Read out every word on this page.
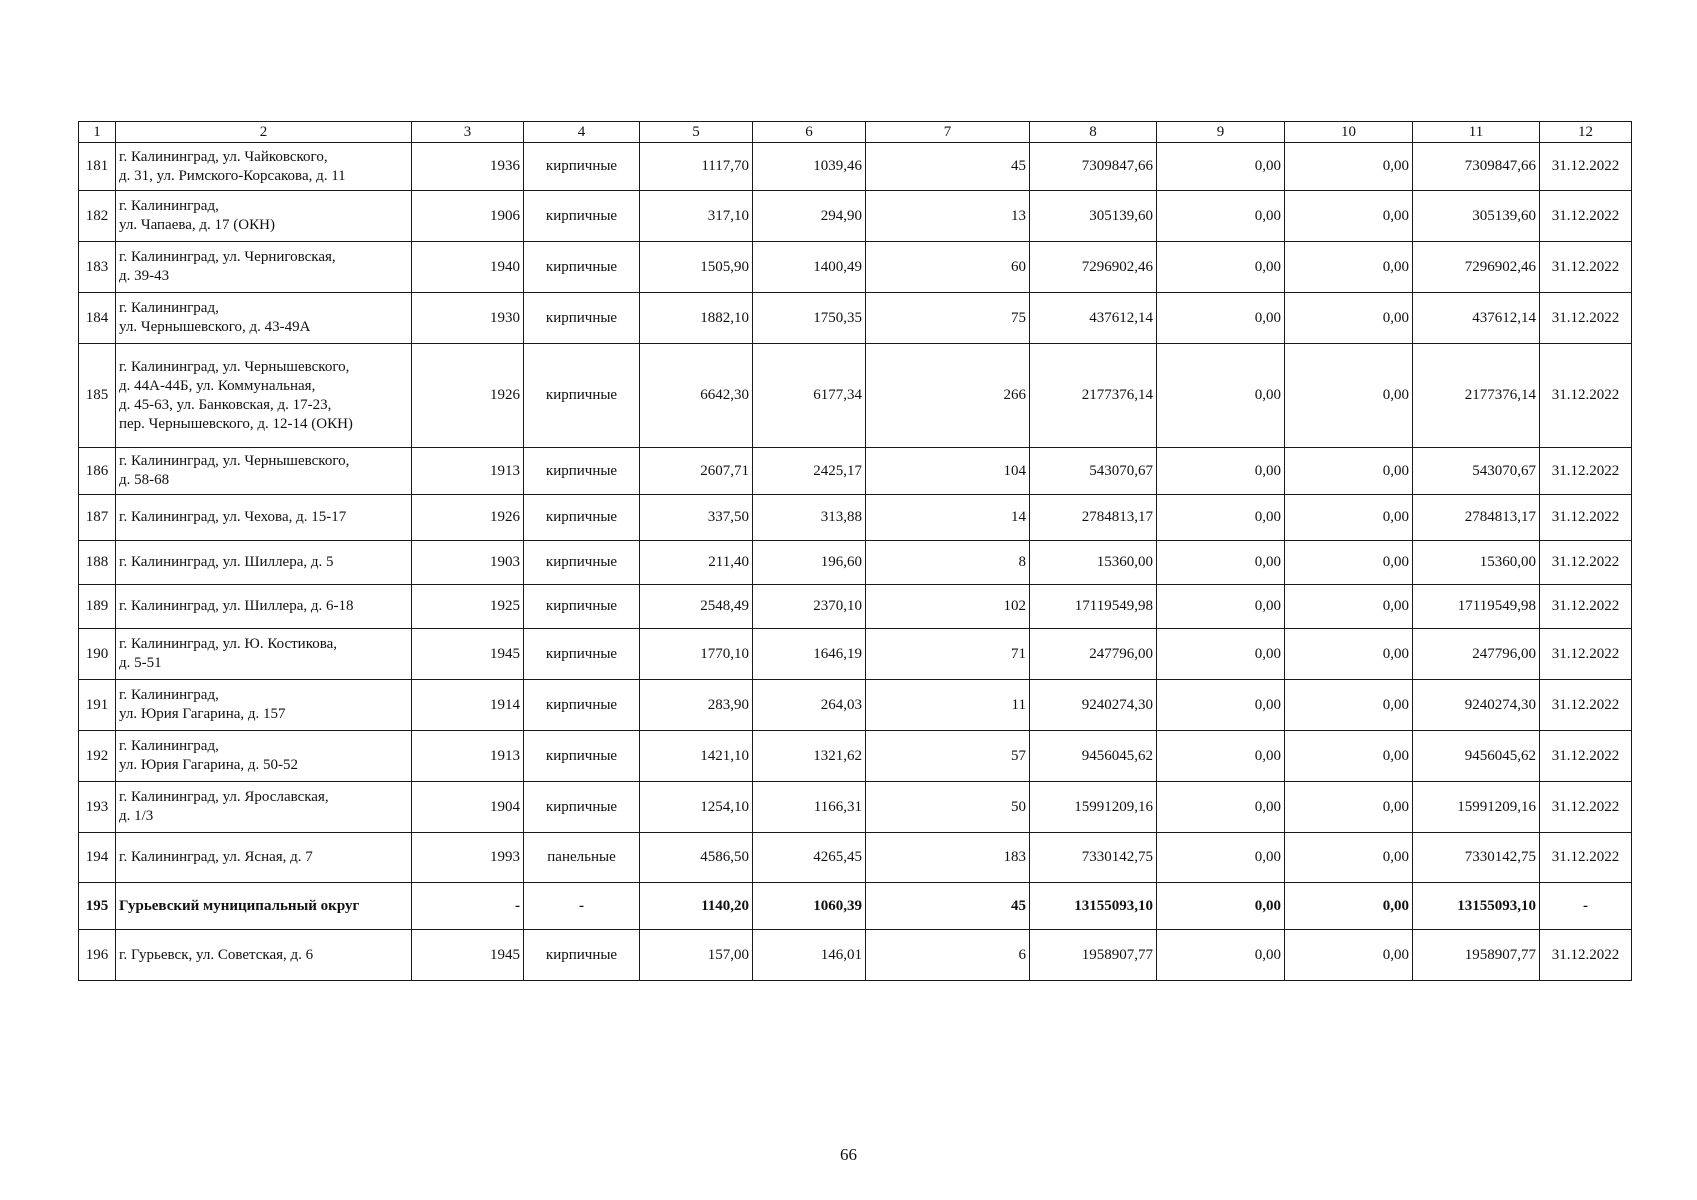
1	2	3	4	5	6	7	8	9	10	11	12
181	г. Калининград, ул. Чайковского,
д. 31, ул. Римского-Корсакова, д. 11	1936	кирпичные	1117,70	1039,46	45	7309847,66	0,00	0,00	7309847,66	31.12.2022
182	г. Калининград,
ул. Чапаева, д. 17 (ОКН)	1906	кирпичные	317,10	294,90	13	305139,60	0,00	0,00	305139,60	31.12.2022
183	г. Калининград, ул. Черниговская,
д. 39-43	1940	кирпичные	1505,90	1400,49	60	7296902,46	0,00	0,00	7296902,46	31.12.2022
184	г. Калининград,
ул. Чернышевского, д. 43-49А	1930	кирпичные	1882,10	1750,35	75	437612,14	0,00	0,00	437612,14	31.12.2022
185	г. Калининград, ул. Чернышевского,
д. 44А-44Б, ул. Коммунальная,
д. 45-63, ул. Банковская, д. 17-23,
пер. Чернышевского, д. 12-14 (ОКН)	1926	кирпичные	6642,30	6177,34	266	2177376,14	0,00	0,00	2177376,14	31.12.2022
186	г. Калининград, ул. Чернышевского,
д. 58-68	1913	кирпичные	2607,71	2425,17	104	543070,67	0,00	0,00	543070,67	31.12.2022
187	г. Калининград, ул. Чехова, д. 15-17	1926	кирпичные	337,50	313,88	14	2784813,17	0,00	0,00	2784813,17	31.12.2022
188	г. Калининград, ул. Шиллера, д. 5	1903	кирпичные	211,40	196,60	8	15360,00	0,00	0,00	15360,00	31.12.2022
189	г. Калининград, ул. Шиллера, д. 6-18	1925	кирпичные	2548,49	2370,10	102	17119549,98	0,00	0,00	17119549,98	31.12.2022
190	г. Калининград, ул. Ю. Костикова,
д. 5-51	1945	кирпичные	1770,10	1646,19	71	247796,00	0,00	0,00	247796,00	31.12.2022
191	г. Калининград,
ул. Юрия Гагарина, д. 157	1914	кирпичные	283,90	264,03	11	9240274,30	0,00	0,00	9240274,30	31.12.2022
192	г. Калининград,
ул. Юрия Гагарина, д. 50-52	1913	кирпичные	1421,10	1321,62	57	9456045,62	0,00	0,00	9456045,62	31.12.2022
193	г. Калининград, ул. Ярославская,
д. 1/3	1904	кирпичные	1254,10	1166,31	50	15991209,16	0,00	0,00	15991209,16	31.12.2022
194	г. Калининград, ул. Ясная, д. 7	1993	панельные	4586,50	4265,45	183	7330142,75	0,00	0,00	7330142,75	31.12.2022
195	Гурьевский муниципальный округ	-	-	1140,20	1060,39	45	13155093,10	0,00	0,00	13155093,10	-
196	г. Гурьевск, ул. Советская, д. 6	1945	кирпичные	157,00	146,01	6	1958907,77	0,00	0,00	1958907,77	31.12.2022
66
